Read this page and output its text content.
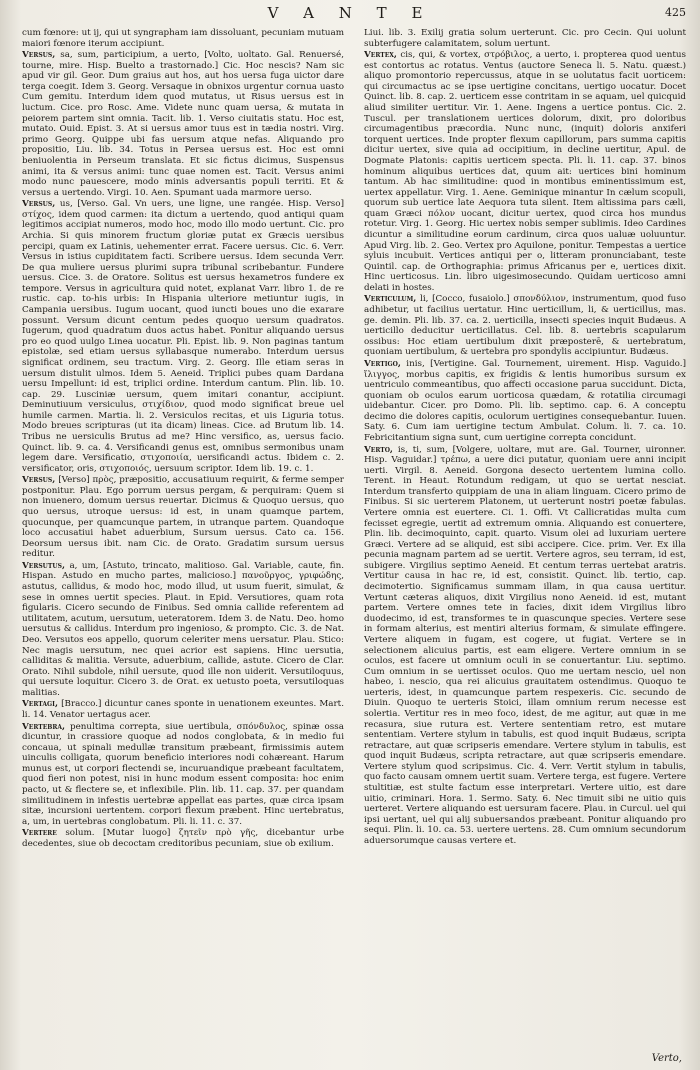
V A N T E	425

cum fœnore: ut ij, qui ut syngrapham iam dissoluant, pecuniam mutuam maiori fœnore iterum accipiunt.

Versus, sa, sum, participium, a uerto, [Volto, uoltato. Gal. Renuersé, tourne, mire. Hisp. Buelto a trastornado.] Cic. Hoc nescis? Nam sic apud vir gil. Geor. Dum graius aut hos, aut hos uersa fuga uictor dare terga coegit. Idem 3. Georg. Versaque in obnixos urgentur cornua uasto Cum gemitu. Interdum idem quod mutatus, ut Risus uersus est in luctum. Cice. pro Rosc. Ame. Videte nunc quam uersa, & mutata in peiorem partem sint omnia. Tacit. lib. 1. Verso ciuitatis statu. Hoc est, mutato. Ouid. Epist. 3. At si uersus amor tuus est in tædia nostri. Virg. primo Georg. Quippe ubi fas uersum atque nefas. Aliquando pro propositio, Liu. lib. 34. Totus in Persea uersus est. Hoc est omni beniuolentia in Perseum translata. Et sic fictus dicimus, Suspensus animi, ita & versus animi: tunc quae nomen est. Tacit. Versus animi modo nunc pauescere, modo minis adversantis populi territi. Et & versus a uertendo. Virgi. 10. Aen. Spumant uada marmore uerso.

Versus, us, [Verso. Gal. Vn uers, une ligne, une rangée. Hisp. Verso] στίχος, idem quod carmen: ita dictum a uertendo, quod antiqui quam legitimos accipiat numeros, modo hoc, modo illo modo uertunt. Cic. pro Archia. Si quis minorem fructum gloriæ putat ex Græcis uersibus percipi, quam ex Latinis, uehementer errat. Facere uersus. Cic. 6. Verr. Versus in istius cupiditatem facti. Scribere uersus. Idem secunda Verr. De qua muliere uersus plurimi supra tribunal scribebantur. Fundere uersus. Cice. 3. de Oratore. Solitus est uersus hexametros fundere ex tempore. Versus in agricultura quid notet, explanat Varr. libro 1. de re rustic. cap. to-his urbis: In Hispania ulteriore metiuntur iugis, in Campania uersibus. Iugum uocant, quod iuncti boues uno die exarare possunt. Versum dicunt centum pedes quoquo uersum quadratos. Iugerum, quod quadratum duos actus habet. Ponitur aliquando uersus pro eo quod uulgo Linea uocatur. Pli. Epist. lib. 9. Non paginas tantum epistolæ, sed etiam uersus syllabasque numerabo. Interdum uersus significat ordinem, seu tractum. Virg. 2. Georg. Ille etiam seras in uersum distulit ulmos. Idem 5. Aeneid. Triplici pubes quam Dardana uersu Impellunt: id est, triplici ordine. Interdum cantum. Plin. lib. 10. cap. 29. Lusciniæ uersum, quem imitari conantur, accipiunt. Deminutiuum versiculus, στιχίδιον, quod modo significat breue uel humile carmen. Martia. li. 2. Versiculos recitas, et uis Liguria totus. Modo breues scripturas (ut ita dicam) lineas. Cice. ad Brutum lib. 14. Tribus ne uersiculis Brutus ad me? Hinc versifico, as, uersus facio. Quinct. lib. 9. ca. 4. Versificandi genus est, omnibus sermonibus unam legem dare. Versificatio, στιχοποιία, uersificandi actus. Ibidem c. 2. versificator, oris, στιχοποιός, uersuum scriptor. Idem lib. 19. c. 1.

Versus, [Verso] πρὸς, præpositio, accusatiuum requirit, & ferme semper postponitur. Plau. Ego porrum uersus pergam, & perquiram: Quem si non inuenero, domum uersus reuertar. Dicimus & Quoquo uersus, quo quo uersus, utroque uersus: id est, in unam quamque partem, quocunque, per quamcunque partem, in utranque partem. Quandoque loco accusatiui habet aduerbium, Sursum uersus. Cato ca. 156. Deorsum uersus ibit. nam Cic. de Orato. Gradatim sursum uersus reditur.

Versutus, a, um, [Astuto, trincato, malitioso. Gal. Variable, caute, fin. Hispan. Astudo en mucho partes, malicioso.] πανοῦργος, γριφώδης, astutus, callidus, & modo hoc, modo illud, ut usum fuerit, simulat, & sese in omnes uertit species. Plaut. in Epid. Versutiores, quam rota figularis. Cicero secundo de Finibus. Sed omnia callide referentem ad utilitatem, acutum, uersutum, ueteratorem. Idem 3. de Natu. Deo. homo uersutus & callidus. Interdum pro ingenioso, & prompto. Cic. 3. de Nat. Deo. Versutos eos appello, quorum celeriter mens uersatur. Plau. Stico: Nec magis uersutum, nec quei acrior est sapiens. Hinc uersutia, calliditas & malitia. Versute, aduerbium, callide, astute. Cicero de Clar. Orato. Nihil subdole, nihil uersute, quod ille non uiderit. Versutiloquus, qui uersute loquitur. Cicero 3. de Orat. ex uetusto poeta, versutiloquas malitias.

Vertagi, [Bracco.] dicuntur canes sponte in uenationem exeuntes. Mart. li. 14. Venator uertagus acer.

Vertebra, penultima correpta, siue uertibula, σπόνδυλος, spinæ ossa dicuntur, in crassiore quoque ad nodos conglobata, & in medio fui concaua, ut spinali medullæ transitum præbeant, firmissimis autem uinculis colligata, quorum beneficio interiores nodi cohæreant. Harum munus est, ut corpori flectendi se, incuruandique præbeant facultatem, quod fieri non potest, nisi in hunc modum essent composita: hoc enim pacto, ut & flectere se, et inflexibile. Plin. lib. 11. cap. 37. per quandam similitudinem in infestis uertebræ appellat eas partes, quæ circa ipsam sitæ, incursioni uertentem. corpori flexum præbent. Hinc uertebratus, a, um, in uertebras conglobatum. Pli. li. 11. c. 37.

Vertere solum. [Mutar luogo] ζητεῖν πρὸ γῆς, dicebantur urbe decedentes, siue ob decoctam creditoribus pecuniam, siue ob exilium.

Liui. lib. 3. Exilij gratia solum uerterunt. Cic. pro Cecin. Qui uolunt subterfugere calamitatem, solum uertunt.

Vertex, cis, qui, & vortex, στρόβιλος, a uerto, i. propterea quod uentus est contortus ac rotatus. Ventus (auctore Seneca li. 5. Natu. quæst.) aliquo promontorio repercussus, atque in se uolutatus facit uorticem: qui circumactus ac se ipse uertigine concitans, uertigo uocatur. Docet Quinct. lib. 8. cap. 2. uerticem esse contritam in se aquam, uel quicquid aliud similiter uertitur. Vir. 1. Aene. Ingens a uertice pontus. Cic. 2. Tuscul. per translationem uertices dolorum, dixit, pro doloribus circumagentibus præcordia. Nunc nunc, (inquit) doloris anxiferi torquent uertices. Inde propter flexum capillorum, pars summa capitis dicitur uertex, sive quia ad occipitium, in decline uertitur, Apul. de Dogmate Platonis: capitis uerticem specta. Pli. li. 11. cap. 37. binos hominum aliquibus uertices dat, quum ait: uertices bini hominum tantum. Ab hac similitudine: quod in montibus eminentissimum est, uertex appellatur. Virg. 1. Aene. Geminique minantur In cælum scopuli, quorum sub uertice late Aequora tuta silent. Item altissima pars cæli, quam Græci πόλον uocant, dicitur uertex, quod circa hos mundus rotetur. Virg. 1. Georg. Hic uertex nobis semper sublimis. Ideo Cardines dicuntur a similitudine eorum cardinum, circa quos ualuæ uoluuntur. Apud Virg. lib. 2. Geo. Vertex pro Aquilone, ponitur. Tempestas a uertice syluis incubuit. Vertices antiqui per o, litteram pronunciabant, teste Quintil. cap. de Orthographia: primus Africanus per e, uertices dixit. Hinc uerticosus. Lin. libro uigesimosecundo. Quidam uerticoso amni delati in hostes.

Verticulum, li, [Cocco, fusaiolo.] σπονδύλιον, instrumentum, quod fuso adhibetur, ut facilius uertatur. Hinc uerticillum, li, & uerticillus, mas. ge. demin. Pli. lib. 37. ca. 2. uerticilla, insecti species inquit Budæus. A uerticillo deducitur uerticillatus. Cel. lib. 8. uertebris scapularum ossibus: Hoc etiam uertibulum dixit præposterē, & uertebratum, quoniam uertibulum, & uertebra pro spondylis accipiuntur. Budæus.

Vertigo, inis, [Vertigine. Gal. Tournement, uirement. Hisp. Vaguido.] ἴλιγγος, morbus capitis, ex frigidis & lentis humoribus sursum ex uentriculo commeantibus, quo affecti occasione parua succidunt. Dicta, quoniam ob oculos earum uorticosa quædam, & rotatilia circumagi uidebantur. Cicer. pro Domo. Pli. lib. septimo. cap. 6. A conceptu decimo die dolores capitis, oculorum uertigines consequebantur. Iuuen. Saty. 6. Cum iam uertigine tectum Ambulat. Colum. li. 7. ca. 10. Febricitantium signa sunt, cum uertigine correpta concidunt.

Verto, is, ti, sum, [Volgere, uoltare, mut are. Gal. Tourner, uironner. Hisp. Vaguidar.] τρέπω, a uere dici putatur, quoniam uere anni incipit uerti. Virgil. 8. Aeneid. Gorgona desecto uertentem lumina collo. Terent. in Heaut. Rotundum redigam, ut quo se uertat nesciat. Interdum transferto quippiam de una in aliam linguam. Cicero primo de Finibus. Si sic uerterem Platonem, ut uerterunt nostri poetæ fabulas. Vertere omnia est euertere. Ci. 1. Offi. Vt Callicratidas multa cum fecisset egregie, uertit ad extremum omnia. Aliquando est conuertere, Plin. lib. decimoquinto, capit. quarto. Visum olei ad luxuriam uertere Græci. Vertere ad se aliquid, est sibi accipere. Cice. prim. Ver. Ex illa pecunia magnam partem ad se uertit. Vertere agros, seu terram, id est, subigere. Virgilius septimo Aeneid. Et centum terras uertebat aratris. Vertitur causa in hac re, id est, consistit. Quinct. lib. tertio, cap. decimotertio. Significamus summam illam, in qua causa uertitur. Vertunt cæteras aliquos, dixit Virgilius nono Aeneid. id est, mutant partem. Vertere omnes tete in facies, dixit idem Virgilius libro duodecimo, id est, transformes te in quascunque species. Vertere sese in formam alterius, est mentiri alterius formam, & simulate effingere. Vertere aliquem in fugam, est cogere, ut fugiat. Vertere se in selectionem alicuius partis, est eam eligere. Vertere omnium in se oculos, est facere ut omnium oculi in se conuertantur. Liu. septimo. Cum omnium in se uertisset oculos. Quo me uertam nescio, uel non habeo, i. nescio, qua rei alicuius grauitatem ostendimus. Quoquo te uerteris, idest, in quamcunque partem respexeris. Cic. secundo de Diuin. Quoquo te uerteris Stoici, illam omnium rerum necesse est solertia. Vertitur res in meo foco, idest, de me agitur, aut quæ in me recasura, siue rutura est. Vertere sententiam retro, est mutare sententiam. Vertere stylum in tabulis, est quod inquit Budæus, scripta retractare, aut quæ scripseris emendare. Vertere stylum in tabulis, est quod inquit Budæus, scripta retractare, aut quæ scripseris emendare. Vertere stylum quod scripsimus. Cic. 4. Verr. Vertit stylum in tabulis, quo facto causam omnem uertit suam. Vertere terga, est fugere. Vertere stultitiæ, est stulte factum esse interpretari. Vertere uitio, est dare uitio, criminari. Hora. 1. Sermo. Saty. 6. Nec timuit sibi ne uitio quis uerteret. Vertere aliquando est uersuram facere. Plau. in Curcul. uel qui ipsi uertant, uel qui alij subuersandos præbeant. Ponitur aliquando pro sequi. Plin. li. 10. ca. 53. uertere uertens. 28. Cum omnium secundorum aduersorumque causas vertere et.

Verto,
